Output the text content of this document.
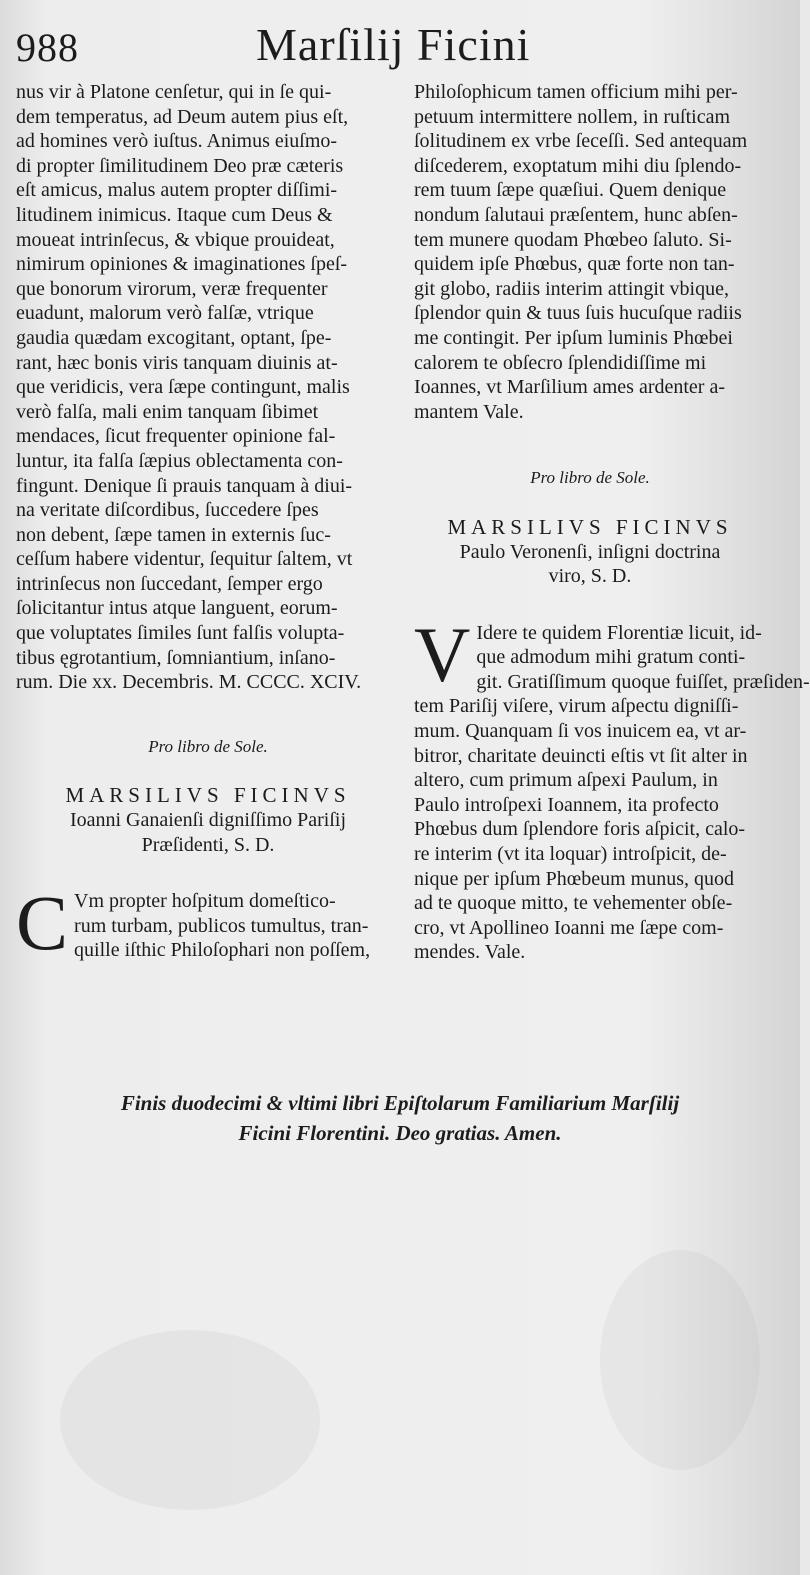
988	Marſilij Ficini
nus vir à Platone cenſetur, qui in ſe qui-
dem temperatus, ad Deum autem pius eſt,
ad homines verò iuſtus. Animus eiuſmo-
di propter ſimilitudinem Deo præ cæteris
eſt amicus, malus autem propter diſſimi-
litudinem inimicus. Itaque cum Deus &
moueat intrinſecus, & vbique prouideat,
nimirum opiniones & imaginationes ſpeſ-
que bonorum virorum, veræ frequenter
euadunt, malorum verò falſæ, vtrique
gaudia quædam excogitant, optant, ſpe-
rant, hæc bonis viris tanquam diuinis at-
que veridicis, vera ſæpe contingunt, malis
verò falſa, mali enim tanquam ſibimet
mendaces, ſicut frequenter opinione fal-
luntur, ita falſa ſæpius oblectamenta con-
fingunt. Denique ſi prauis tanquam à diui-
na veritate diſcordibus, ſuccedere ſpes
non debent, ſæpe tamen in externis ſuc-
ceſſum habere videntur, ſequitur ſaltem, vt
intrinſecus non ſuccedant, ſemper ergo
ſolicitantur intus atque languent, eorum-
que voluptates ſimiles ſunt falſis volupta-
tibus ęgrotantium, ſomniantium, inſano-
rum. Die xx. Decembris. M. CCCC. XCIV.
Pro libro de Sole.
MARSILIVS FICINVS
Ioanni Ganaienſi digniſſimo Pariſij
Præſidenti, S. D.
C Vm propter hoſpitum domeſtico-
rum turbam, publicos tumultus, tran-
quille iſthic Philoſophari non poſſem,
Philoſophicum tamen officium mihi per-
petuum intermittere nollem, in ruſticam
ſolitudinem ex vrbe ſeceſſi. Sed antequam
diſcederem, exoptatum mihi diu ſplendo-
rem tuum ſæpe quæſiui. Quem denique
nondum ſalutaui præſentem, hunc abſen-
tem munere quodam Phœbeo ſaluto. Si-
quidem ipſe Phœbus, quæ forte non tan-
git globo, radiis interim attingit vbique,
ſplendor quin & tuus ſuis hucuſque radiis
me contingit. Per ipſum luminis Phœbei
calorem te obſecro ſplendidiſſime mi
Ioannes, vt Marſilium ames ardenter a-
mantem Vale.
Pro libro de Sole.
MARSILIVS FICINVS
Paulo Veronenſi, inſigni doctrina
viro, S. D.
V Idere te quidem Florentiæ licuit, id-
que admodum mihi gratum conti-
git. Gratiſſimum quoque fuiſſet, præſiden-
tem Pariſij viſere, virum aſpectu digniſſi-
mum. Quanquam ſi vos inuicem ea, vt ar-
bitror, charitate deuincti eſtis vt ſit alter in
altero, cum primum aſpexi Paulum, in
Paulo introſpexi Ioannem, ita profecto
Phœbus dum ſplendore foris aſpicit, calo-
re interim (vt ita loquar) introſpicit, de-
nique per ipſum Phœbeum munus, quod
ad te quoque mitto, te vehementer obſe-
cro, vt Apollineo Ioanni me ſæpe com-
mendes. Vale.
Finis duodecimi & vltimi libri Epiſtolarum Familiarium Marſilij
Ficini Florentini. Deo gratias. Amen.
